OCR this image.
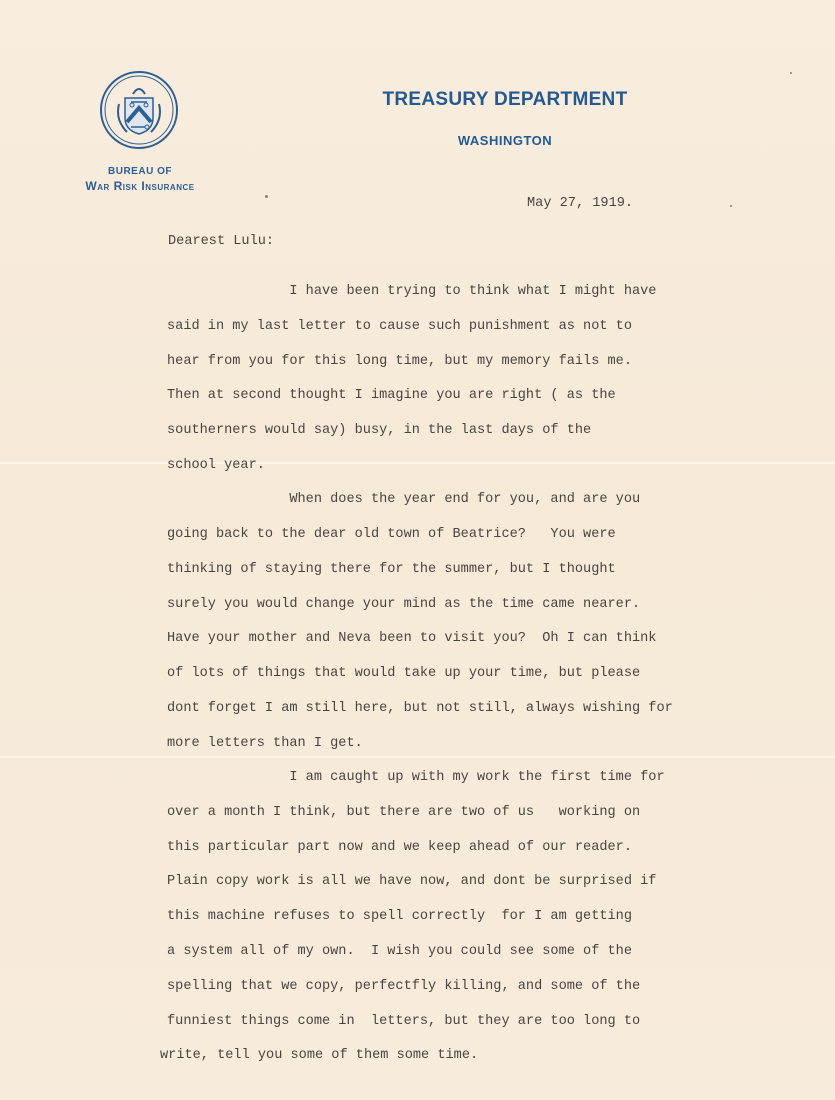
BUREAU OF
War Risk Insurance
TREASURY DEPARTMENT
WASHINGTON
May 27, 1919.
Dearest Lulu:
I have been trying to think what I might have
said in my last letter to cause such punishment as not to
hear from you for this long time, but my memory fails me.
Then at second thought I imagine you are right ( as the
southerners would say) busy, in the last days of the
school year.
When does the year end for you, and are you
going back to the dear old town of Beatrice?   You were
thinking of staying there for the summer, but I thought
surely you would change your mind as the time came nearer.
Have your mother and Neva been to visit you?  Oh I can think
of lots of things that would take up your time, but please
dont forget I am still here, but not still, always wishing for
more letters than I get.
I am caught up with my work the first time for
over a month I think, but there are two of us   working on
this particular part now and we keep ahead of our reader.
Plain copy work is all we have now, and dont be surprised if
this machine refuses to spell correctly  for I am getting
a system all of my own.  I wish you could see some of the
spelling that we copy, perfectfly killing, and some of the
funniest things come in  letters, but they are too long to
write, tell you some of them some time.
